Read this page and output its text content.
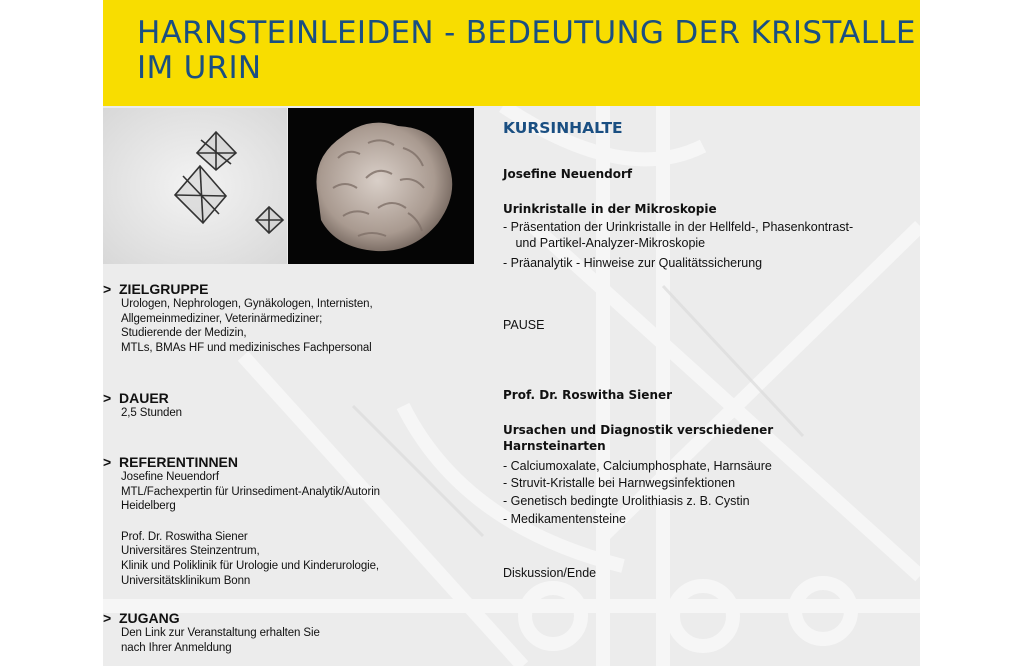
HARNSTEINLEIDEN - BEDEUTUNG DER KRISTALLE
IM URIN
> ZIELGRUPPE
Urologen, Nephrologen, Gynäkologen, Internisten,
Allgemeinmediziner, Veterinärmediziner;
Studierende der Medizin,
MTLs, BMAs HF und medizinisches Fachpersonal
> DAUER
2,5 Stunden
> REFERENTINNEN
Josefine Neuendorf
MTL/Fachexpertin für Urinsediment-Analytik/Autorin
Heidelberg
Prof. Dr. Roswitha Siener
Universitäres Steinzentrum,
Klinik und Poliklinik für Urologie und Kinderurologie,
Universitätsklinikum Bonn
> ZUGANG
Den Link zur Veranstaltung erhalten Sie
nach Ihrer Anmeldung
KURSINHALTE
Josefine Neuendorf
Urinkristalle in der Mikroskopie
- Präsentation der Urinkristalle in der Hellfeld-, Phasenkontrast-
und Partikel-Analyzer-Mikroskopie
- Präanalytik - Hinweise zur Qualitätssicherung
PAUSE
Prof. Dr. Roswitha Siener
Ursachen und Diagnostik verschiedener
Harnsteinarten
- Calciumoxalate, Calciumphosphate, Harnsäure
- Struvit-Kristalle bei Harnwegsinfektionen
- Genetisch bedingte Urolithiasis z. B. Cystin
- Medikamentensteine
Diskussion/Ende
